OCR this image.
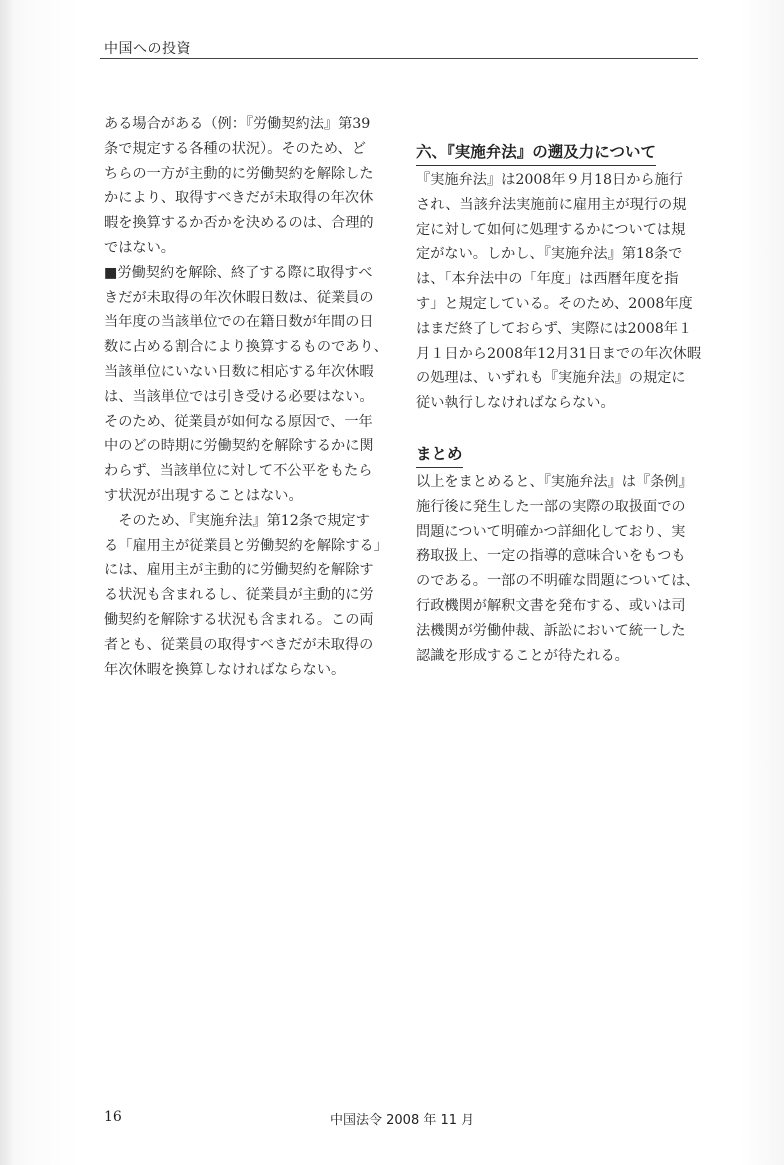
中国への投資
ある場合がある（例：『労働契約法』第39
条で規定する各種の状況）。そのため、ど
ちらの一方が主動的に労働契約を解除した
かにより、取得すべきだが未取得の年次休
暇を換算するか否かを決めるのは、合理的
ではない。
■労働契約を解除、終了する際に取得すべ
きだが未取得の年次休暇日数は、従業員の
当年度の当該単位での在籍日数が年間の日
数に占める割合により換算するものであり、
当該単位にいない日数に相応する年次休暇
は、当該単位では引き受ける必要はない。
そのため、従業員が如何なる原因で、一年
中のどの時期に労働契約を解除するかに関
わらず、当該単位に対して不公平をもたら
す状況が出現することはない。
　そのため、『実施弁法』第12条で規定す
る「雇用主が従業員と労働契約を解除する」
には、雇用主が主動的に労働契約を解除す
る状況も含まれるし、従業員が主動的に労
働契約を解除する状況も含まれる。この両
者とも、従業員の取得すべきだが未取得の
年次休暇を換算しなければならない。
六、『実施弁法』の遡及力について
『実施弁法』は2008年９月18日から施行
され、当該弁法実施前に雇用主が現行の規
定に対して如何に処理するかについては規
定がない。しかし、『実施弁法』第18条で
は、「本弁法中の「年度」は西暦年度を指
す」と規定している。そのため、2008年度
はまだ終了しておらず、実際には2008年１
月１日から2008年12月31日までの年次休暇
の処理は、いずれも『実施弁法』の規定に
従い執行しなければならない。
まとめ
以上をまとめると、『実施弁法』は『条例』
施行後に発生した一部の実際の取扱面での
問題について明確かつ詳細化しており、実
務取扱上、一定の指導的意味合いをもつも
のである。一部の不明確な問題については、
行政機関が解釈文書を発布する、或いは司
法機関が労働仲裁、訴訟において統一した
認識を形成することが待たれる。
16	中国法令 2008 年 11 月
